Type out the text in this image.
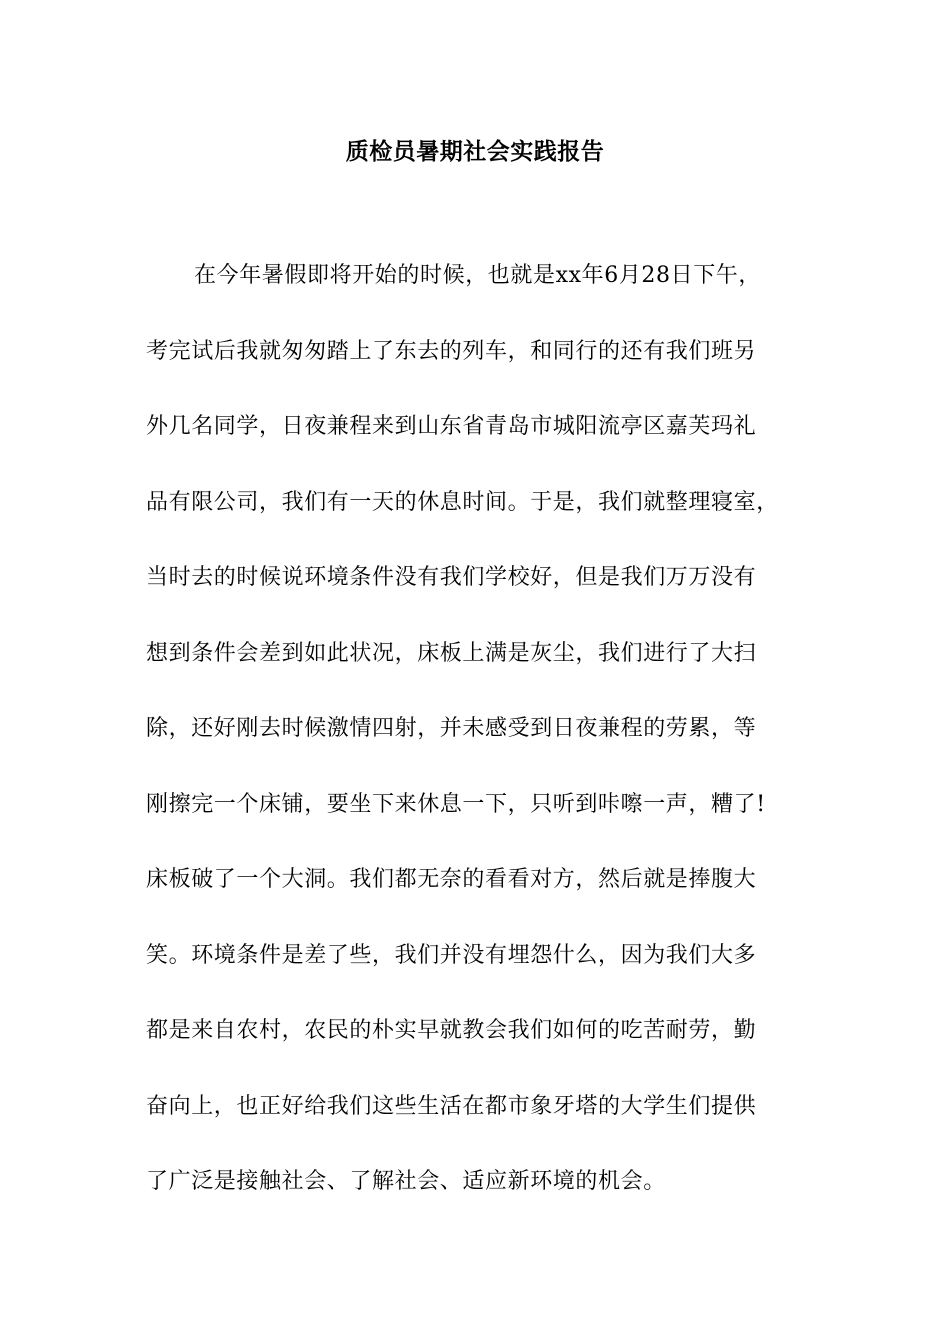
质检员暑期社会实践报告
在今年暑假即将开始的时候，也就是xx年6月28日下午，
考完试后我就匆匆踏上了东去的列车，和同行的还有我们班另
外几名同学，日夜兼程来到山东省青岛市城阳流亭区嘉芙玛礼
品有限公司，我们有一天的休息时间。于是，我们就整理寝室，
当时去的时候说环境条件没有我们学校好，但是我们万万没有
想到条件会差到如此状况，床板上满是灰尘，我们进行了大扫
除，还好刚去时候激情四射，并未感受到日夜兼程的劳累，等
刚擦完一个床铺，要坐下来休息一下，只听到咔嚓一声，糟了!
床板破了一个大洞。我们都无奈的看看对方，然后就是捧腹大
笑。环境条件是差了些，我们并没有埋怨什么，因为我们大多
都是来自农村，农民的朴实早就教会我们如何的吃苦耐劳，勤
奋向上，也正好给我们这些生活在都市象牙塔的大学生们提供
了广泛是接触社会、了解社会、适应新环境的机会。
